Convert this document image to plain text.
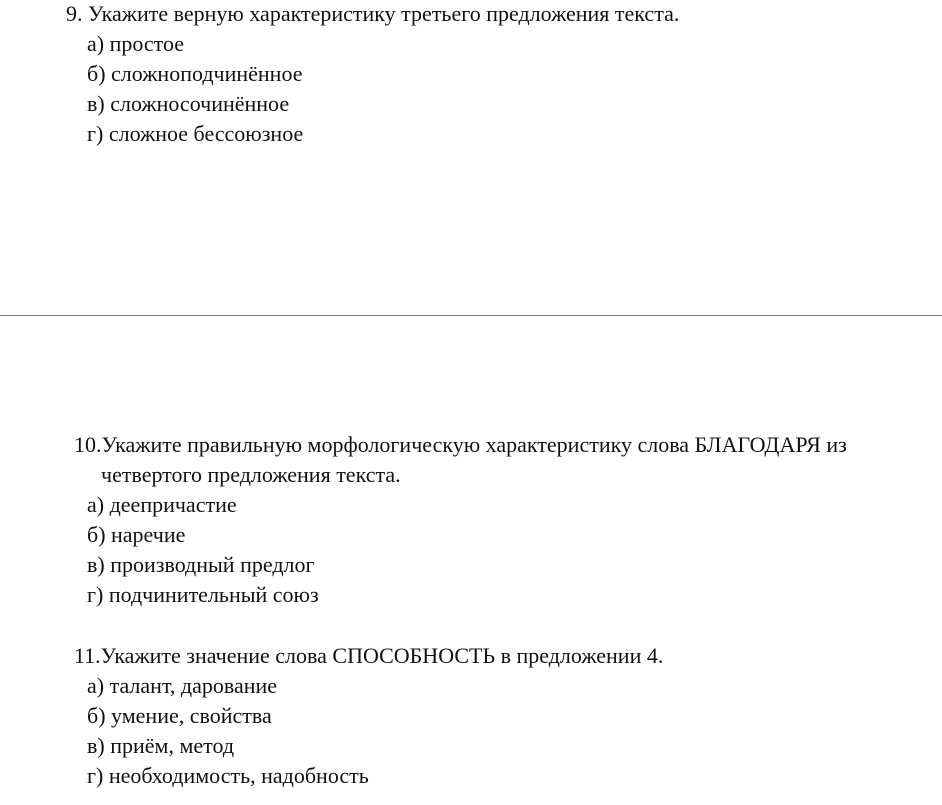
9. Укажите верную характеристику третьего предложения текста.
а) простое
б) сложноподчинённое
в) сложносочинённое
г) сложное бессоюзное
10.Укажите правильную морфологическую характеристику слова БЛАГОДАРЯ из
четвертого предложения текста.
а) деепричастие
б) наречие
в) производный предлог
г) подчинительный союз
11.Укажите значение слова СПОСОБНОСТЬ в предложении 4.
а) талант, дарование
б) умение, свойства
в) приём, метод
г) необходимость, надобность
